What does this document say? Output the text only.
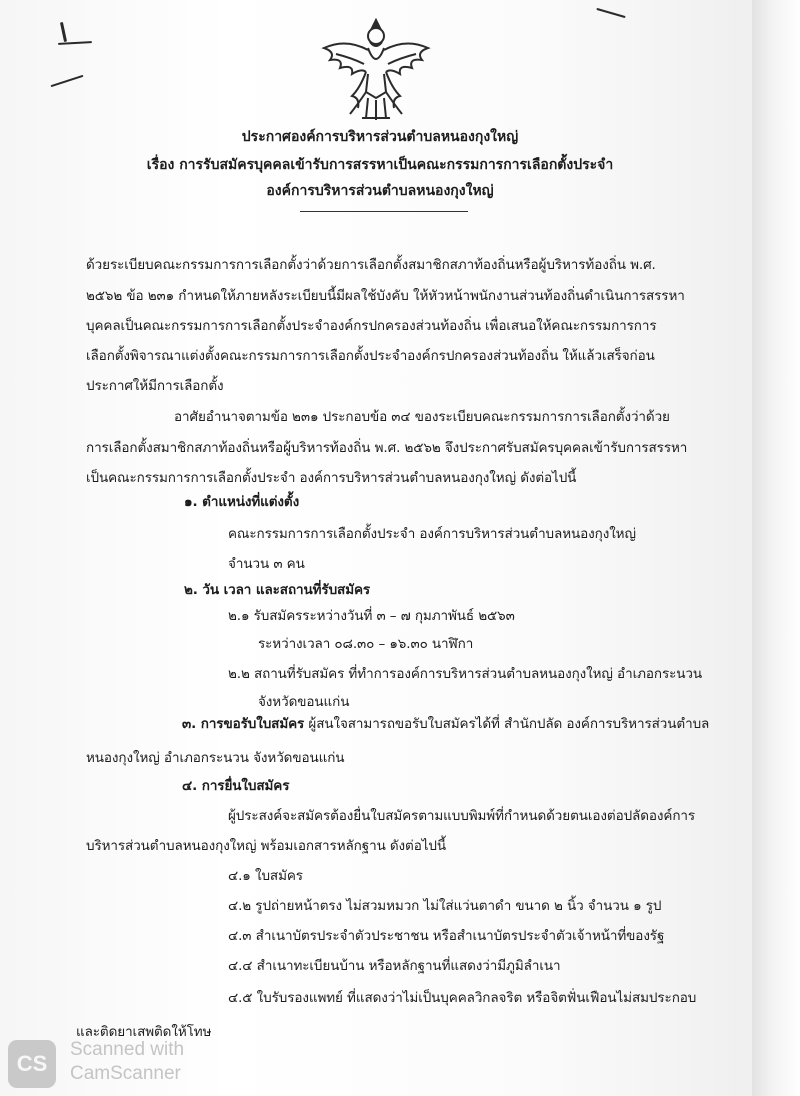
ประกาศองค์การบริหารส่วนตำบลหนองกุงใหญ่

เรื่อง การรับสมัครบุคคลเข้ารับการสรรหาเป็นคณะกรรมการการเลือกตั้งประจำ

องค์การบริหารส่วนตำบลหนองกุงใหญ่

ด้วยระเบียบคณะกรรมการการเลือกตั้งว่าด้วยการเลือกตั้งสมาชิกสภาท้องถิ่นหรือผู้บริหารท้องถิ่น พ.ศ.

๒๕๖๒ ข้อ ๒๓๑ กำหนดให้ภายหลังระเบียบนี้มีผลใช้บังคับ ให้หัวหน้าพนักงานส่วนท้องถิ่นดำเนินการสรรหา

บุคคลเป็นคณะกรรมการการเลือกตั้งประจำองค์กรปกครองส่วนท้องถิ่น เพื่อเสนอให้คณะกรรมการการ

เลือกตั้งพิจารณาแต่งตั้งคณะกรรมการการเลือกตั้งประจำองค์กรปกครองส่วนท้องถิ่น ให้แล้วเสร็จก่อน

ประกาศให้มีการเลือกตั้ง

อาศัยอำนาจตามข้อ ๒๓๑ ประกอบข้อ ๓๔ ของระเบียบคณะกรรมการการเลือกตั้งว่าด้วย

การเลือกตั้งสมาชิกสภาท้องถิ่นหรือผู้บริหารท้องถิ่น พ.ศ. ๒๕๖๒ จึงประกาศรับสมัครบุคคลเข้ารับการสรรหา

เป็นคณะกรรมการการเลือกตั้งประจำ องค์การบริหารส่วนตำบลหนองกุงใหญ่ ดังต่อไปนี้

๑. ตำแหน่งที่แต่งตั้ง

คณะกรรมการการเลือกตั้งประจำ องค์การบริหารส่วนตำบลหนองกุงใหญ่

จำนวน ๓ คน

๒. วัน เวลา และสถานที่รับสมัคร

๒.๑ รับสมัครระหว่างวันที่ ๓ – ๗ กุมภาพันธ์ ๒๕๖๓

ระหว่างเวลา ๐๘.๓๐ – ๑๖.๓๐ นาฬิกา

๒.๒ สถานที่รับสมัคร ที่ทำการองค์การบริหารส่วนตำบลหนองกุงใหญ่ อำเภอกระนวน

จังหวัดขอนแก่น

๓. การขอรับใบสมัคร ผู้สนใจสามารถขอรับใบสมัครได้ที่ สำนักปลัด องค์การบริหารส่วนตำบล

หนองกุงใหญ่ อำเภอกระนวน จังหวัดขอนแก่น

๔. การยื่นใบสมัคร

ผู้ประสงค์จะสมัครต้องยื่นใบสมัครตามแบบพิมพ์ที่กำหนดด้วยตนเองต่อปลัดองค์การ

บริหารส่วนตำบลหนองกุงใหญ่ พร้อมเอกสารหลักฐาน ดังต่อไปนี้

๔.๑ ใบสมัคร

๔.๒ รูปถ่ายหน้าตรง ไม่สวมหมวก ไม่ใส่แว่นตาดำ ขนาด ๒ นิ้ว จำนวน ๑ รูป

๔.๓ สำเนาบัตรประจำตัวประชาชน หรือสำเนาบัตรประจำตัวเจ้าหน้าที่ของรัฐ

๔.๔ สำเนาทะเบียนบ้าน หรือหลักฐานที่แสดงว่ามีภูมิลำเนา

๔.๕ ใบรับรองแพทย์ ที่แสดงว่าไม่เป็นบุคคลวิกลจริต หรือจิตฟั่นเฟือนไม่สมประกอบ

และติดยาเสพติดให้โทษ

CS
Scanned with
CamScanner
